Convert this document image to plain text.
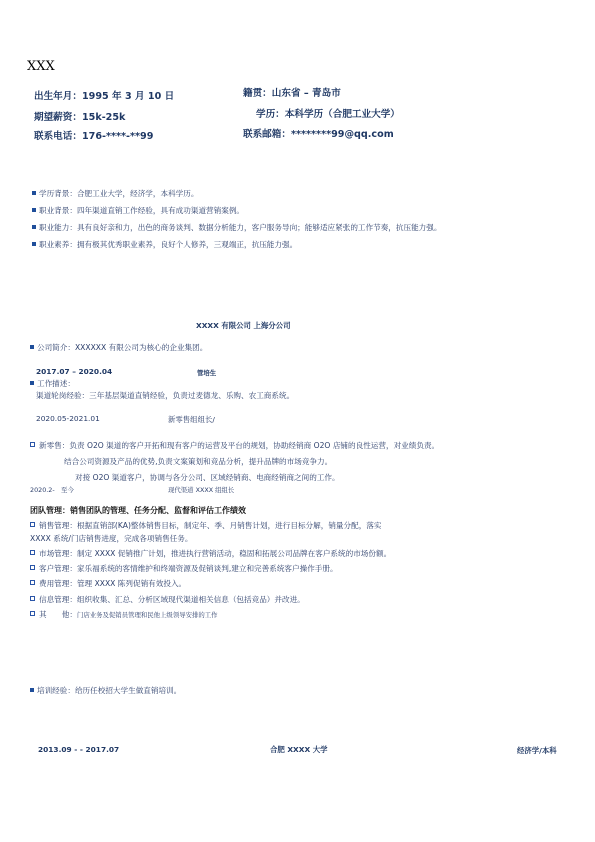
XXX
出生年月：1995 年 3 月 10 日	籍贯：山东省 – 青岛市
期望薪资：15k-25k	学历：本科学历（合肥工业大学）
联系电话：176-****-**99	联系邮箱：********99@qq.com
学历背景：合肥工业大学，经济学，本科学历。
职业背景：四年渠道直销工作经验，具有成功渠道营销案例。
职业能力：具有良好亲和力，出色的商务谈判、数据分析能力，客户服务导向；能够适应紧张的工作节奏，抗压能力强。
职业素养：拥有极其优秀职业素养，良好个人修养，三观端正，抗压能力强。
XXXX 有限公司 上海分公司
公司简介：XXXXXX 有限公司为核心的企业集团。
2017.07 – 2020.04	管培生
工作描述：
渠道轮岗经验：三年基层渠道直销经验，负责过麦德龙、乐购、农工商系统。
2020.05-2021.01	新零售组组长/
新零售：负责 O2O 渠道的客户开拓和现有客户的运营及平台的规划，协助经销商 O2O 店铺的良性运营，对业绩负责。
结合公司资源及产品的优势,负责文案策划和竞品分析，提升品牌的市场竞争力。
对接 O2O 渠道客户，协调与各分公司、区域经销商、电商经销商之间的工作。
2020.2-　至今	现代渠道 XXXX 组组长
团队管理：销售团队的管理、任务分配、监督和评估工作绩效
销售管理：根据直销部(KA)整体销售目标，制定年、季、月销售计划，进行目标分解，销量分配，落实
XXXX 系统/门店销售进度，完成各项销售任务。
市场管理：制定 XXXX 促销推广计划，推进执行营销活动，稳固和拓展公司品牌在客户系统的市场份额。
客户管理：家乐福系统的客情维护和终端资源及促销谈判,建立和完善系统客户操作手册。
费用管理：管理 XXXX 陈列促销有效投入。
信息管理：组织收集、汇总、分析区域现代渠道相关信息（包括竞品）并改进。
其　　他：门店业务及促销员管理和民他上级领导安排的工作
培训经验：给历任校招大学生做直销培训。
2013.09 - - 2017.07	合肥 XXXX 大学	经济学/本科
